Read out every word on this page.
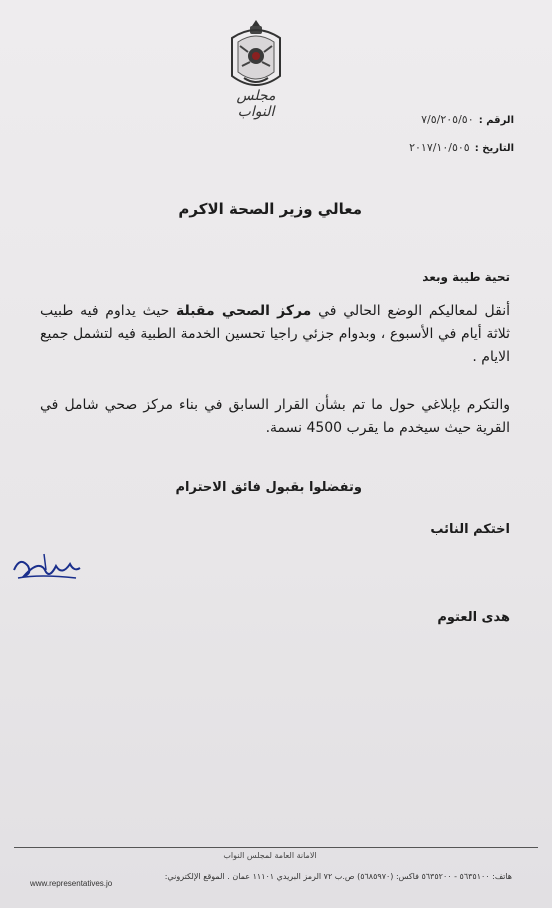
مجلس النواب
الرقم : ٧/٥/٢٠٥/٥٠
التاريخ : ٢٠١٧/١٠/٥٠٥
معالي وزير الصحة الاكرم
تحية طيبة وبعد
أنقل لمعاليكم الوضع الحالي في مركز الصحي مقبلة حيث يداوم فيه طبيب ثلاثة أيام في الأسبوع ، وبدوام جزئي راجيا تحسين الخدمة الطبية فيه لتشمل جميع الايام .
والتكرم بإبلاغي حول ما تم بشأن القرار السابق في بناء مركز صحي شامل في القرية حيث سيخدم ما يقرب 4500 نسمة.
وتفضلوا بقبول فائق الاحترام
اختكم النائب
هدى العتوم
الامانة العامة لمجلس النواب
هاتف: ٥٦٣٥١٠٠ - ٥٦٣٥٢٠٠ فاكس: (٥٦٨٥٩٧٠) ص.ب ٧٢ الرمز البريدي ١١١٠١ عمان . الموقع الإلكتروني:
www.representatives.jo
